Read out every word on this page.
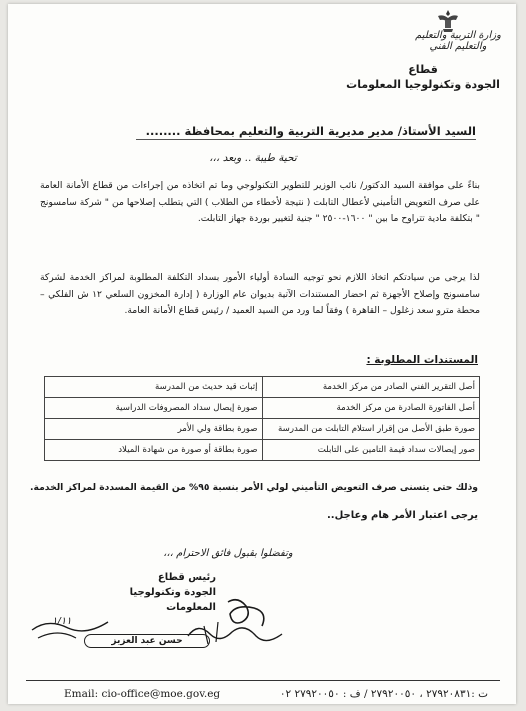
وزارة التربية والتعليم والتعليم الفني
قطاع
الجودة وتكنولوجيا المعلومات
السيد الأستاذ/ مدير مديرية التربية والتعليم بمحافظة ........
تحية طيبة .. وبعد ،،،
بناءً على موافقة السيد الدكتور/ نائب الوزير للتطوير التكنولوجي وما تم اتخاذه من إجراءات من قطاع الأمانة العامة على صرف التعويض التأميني لأعطال التابلت ( نتيجة لأخطاء من الطلاب ) التي يتطلب إصلاحها من " شركة سامسونج " بتكلفة مادية تتراوح ما بين " ١٦٠٠-٢٥٠٠ " جنية لتغيير بوردة جهاز التابلت.
لذا يرجى من سيادتكم اتخاذ اللازم نحو توجيه السادة أولياء الأمور بسداد التكلفة المطلوبة لمراكز الخدمة لشركة سامسونج وإصلاح الأجهزة ثم احضار المستندات الآتية بديوان عام الوزارة ( إدارة المخزون السلعي ١٢ ش الفلكي – محطة مترو سعد زغلول – القاهرة ) وفقاً لما ورد من السيد العميد / رئيس قطاع الأمانة العامة.
المستندات المطلوبة :
أصل التقرير الفني الصادر من مركز الخدمة	إثبات قيد حديث من المدرسة
أصل الفاتورة الصادرة من مركز الخدمة	صورة إيصال سداد المصروفات الدراسية
صورة طبق الأصل من إقرار استلام التابلت من المدرسة	صورة بطاقة ولي الأمر
صور إيصالات سداد قيمة التامين على التابلت	صورة بطاقة أو صورة من شهادة الميلاد
وذلك حتى يتسنى صرف التعويض التأميني لولي الأمر بنسبة ٩٥% من القيمة المسددة لمراكز الخدمة.
يرجى اعتبار الأمر هام وعاجل..
وتفضلوا بقبول فائق الاحترام ،،،
رئيس قطاع
الجودة وتكنولوجيا المعلومات
١/١١
حسن عبد العزيز
Email: cio-office@moe.gov.eg	ت :٢٧٩٢٠٨٣١ ، ٢٧٩٢٠٠٥٠ / ف : ٢٧٩٢٠٠٥٠ ٠٢
